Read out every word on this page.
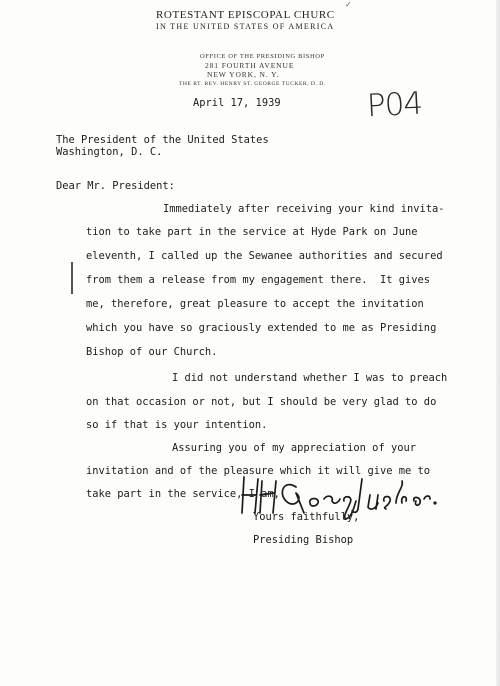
✓
ROTESTANT EPISCOPAL CHURC
IN THE UNITED STATES OF AMERICA
OFFICE OF THE PRESIDING BISHOP
281 FOURTH AVENUE
NEW YORK, N. Y.
THE RT. REV. HENRY ST. GEORGE TUCKER, D. D.
P04
April 17, 1939
The President of the United States
Washington, D. C.
Dear Mr. President:
Immediately after receiving your kind invita-
tion to take part in the service at Hyde Park on June
eleventh, I called up the Sewanee authorities and secured
from them a release from my engagement there.  It gives
me, therefore, great pleasure to accept the invitation
which you have so graciously extended to me as Presiding
Bishop of our Church.
I did not understand whether I was to preach
on that occasion or not, but I should be very glad to do
so if that is your intention.
Assuring you of my appreciation of your
invitation and of the pleasure which it will give me to
take part in the service, I am,
Yours faithfully,
Presiding Bishop
